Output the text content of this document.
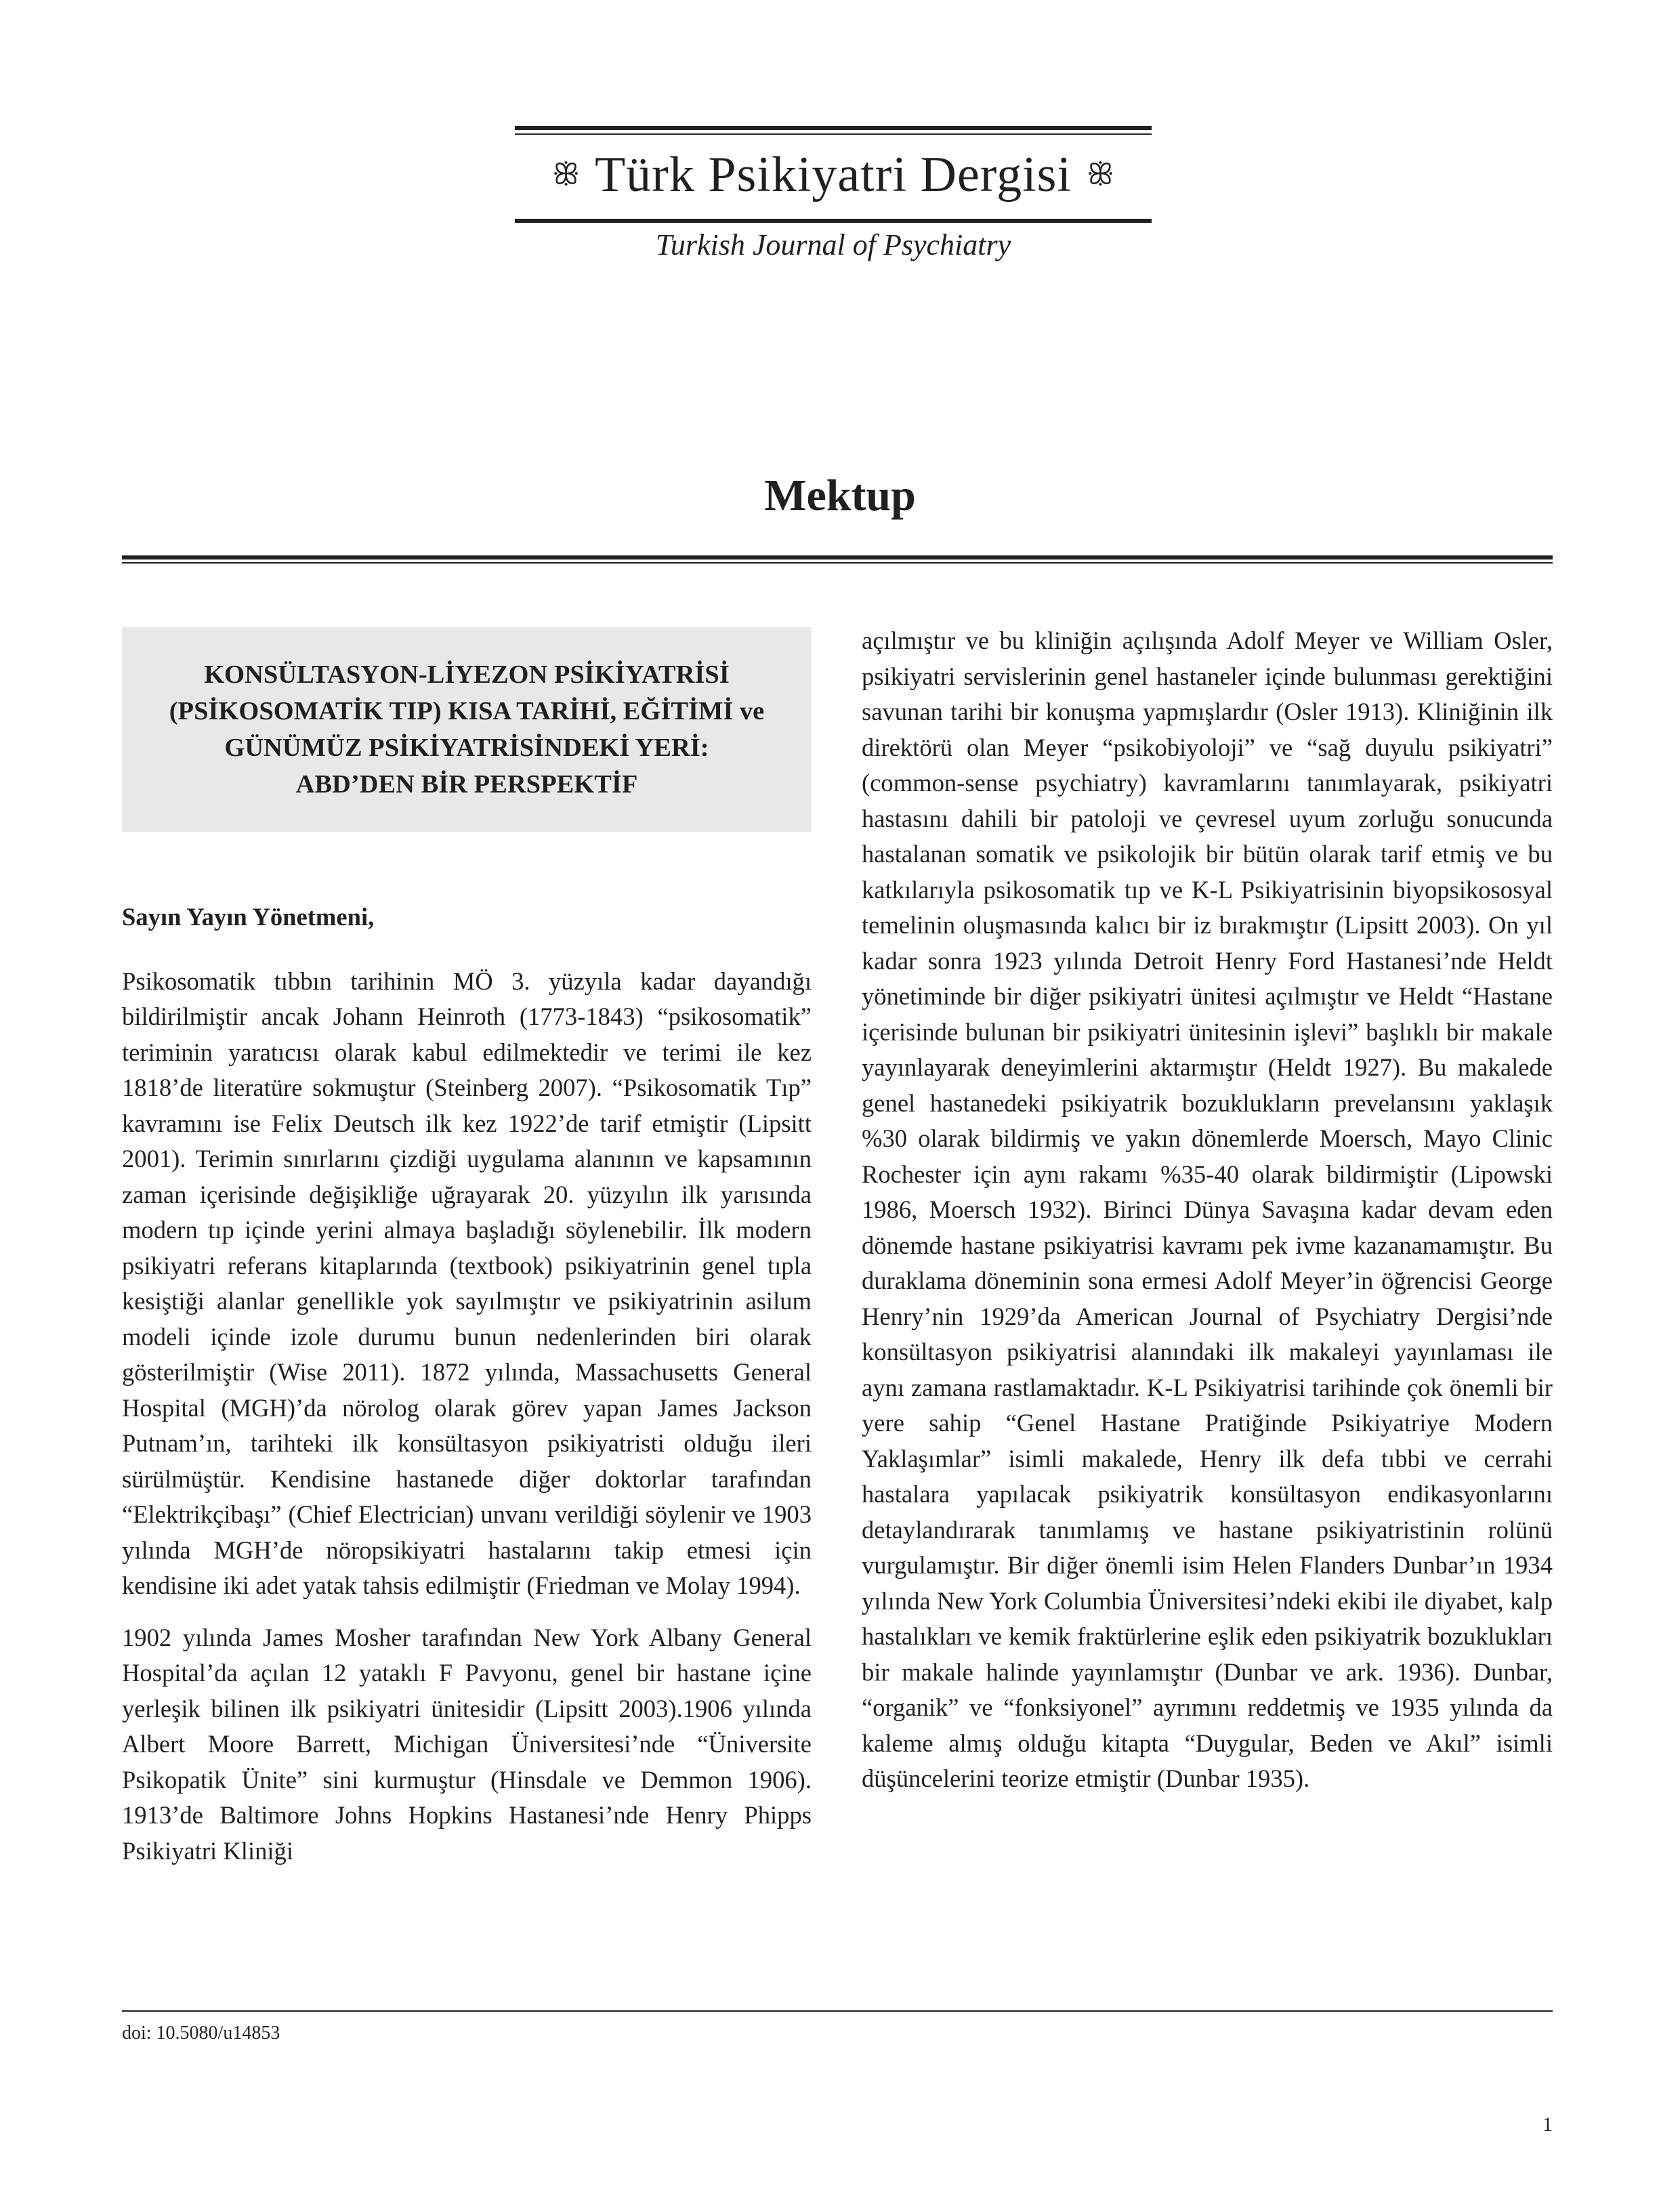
ꕥ Türk Psikiyatri Dergisi ꕥ
Turkish Journal of Psychiatry
Mektup
KONSÜLTASYON-LİYEZON PSİKİYATRİSİ
(PSİKOSOMATİK TIP) KISA TARİHİ, EĞİTİMİ ve
GÜNÜMÜZ PSİKİYATRİSİNDEKİ YERİ:
ABD’DEN BİR PERSPEKTİF

Sayın Yayın Yönetmeni,

Psikosomatik tıbbın tarihinin MÖ 3. yüzyıla kadar dayandığı bildirilmiştir ancak Johann Heinroth (1773-1843) “psikosomatik” teriminin yaratıcısı olarak kabul edilmektedir ve terimi ile kez 1818’de literatüre sokmuştur (Steinberg 2007). “Psikosomatik Tıp” kavramını ise Felix Deutsch ilk kez 1922’de tarif etmiştir (Lipsitt 2001). Terimin sınırlarını çizdiği uygulama alanının ve kapsamının zaman içerisinde değişikliğe uğrayarak 20. yüzyılın ilk yarısında modern tıp içinde yerini almaya başladığı söylenebilir. İlk modern psikiyatri referans kitaplarında (textbook) psikiyatrinin genel tıpla kesiştiği alanlar genellikle yok sayılmıştır ve psikiyatrinin asilum modeli içinde izole durumu bunun nedenlerinden biri olarak gösterilmiştir (Wise 2011). 1872 yılında, Massachusetts General Hospital (MGH)’da nörolog olarak görev yapan James Jackson Putnam’ın, tarihteki ilk konsültasyon psikiyatristi olduğu ileri sürülmüştür. Kendisine hastanede diğer doktorlar tarafından “Elektrikçibaşı” (Chief Electrician) unvanı verildiği söylenir ve 1903 yılında MGH’de nöropsikiyatri hastalarını takip etmesi için kendisine iki adet yatak tahsis edilmiştir (Friedman ve Molay 1994).

1902 yılında James Mosher tarafından New York Albany General Hospital’da açılan 12 yataklı F Pavyonu, genel bir hastane içine yerleşik bilinen ilk psikiyatri ünitesidir (Lipsitt 2003).1906 yılında Albert Moore Barrett, Michigan Üniversitesi’nde “Üniversite Psikopatik Ünite” sini kurmuştur (Hinsdale ve Demmon 1906). 1913’de Baltimore Johns Hopkins Hastanesi’nde Henry Phipps Psikiyatri Kliniği

açılmıştır ve bu kliniğin açılışında Adolf Meyer ve William Osler, psikiyatri servislerinin genel hastaneler içinde bulunması gerektiğini savunan tarihi bir konuşma yapmışlardır (Osler 1913). Kliniğinin ilk direktörü olan Meyer “psikobiyoloji” ve “sağ duyulu psikiyatri” (common-sense psychiatry) kavramlarını tanımlayarak, psikiyatri hastasını dahili bir patoloji ve çevresel uyum zorluğu sonucunda hastalanan somatik ve psikolojik bir bütün olarak tarif etmiş ve bu katkılarıyla psikosomatik tıp ve K-L Psikiyatrisinin biyopsikososyal temelinin oluşmasında kalıcı bir iz bırakmıştır (Lipsitt 2003). On yıl kadar sonra 1923 yılında Detroit Henry Ford Hastanesi’nde Heldt yönetiminde bir diğer psikiyatri ünitesi açılmıştır ve Heldt “Hastane içerisinde bulunan bir psikiyatri ünitesinin işlevi” başlıklı bir makale yayınlayarak deneyimlerini aktarmıştır (Heldt 1927). Bu makalede genel hastanedeki psikiyatrik bozuklukların prevelansını yaklaşık %30 olarak bildirmiş ve yakın dönemlerde Moersch, Mayo Clinic Rochester için aynı rakamı %35-40 olarak bildirmiştir (Lipowski 1986, Moersch 1932). Birinci Dünya Savaşına kadar devam eden dönemde hastane psikiyatrisi kavramı pek ivme kazanamamıştır. Bu duraklama döneminin sona ermesi Adolf Meyer’in öğrencisi George Henry’nin 1929’da American Journal of Psychiatry Dergisi’nde konsültasyon psikiyatrisi alanındaki ilk makaleyi yayınlaması ile aynı zamana rastlamaktadır. K-L Psikiyatrisi tarihinde çok önemli bir yere sahip “Genel Hastane Pratiğinde Psikiyatriye Modern Yaklaşımlar” isimli makalede, Henry ilk defa tıbbi ve cerrahi hastalara yapılacak psikiyatrik konsültasyon endikasyonlarını detaylandırarak tanımlamış ve hastane psikiyatristinin rolünü vurgulamıştır. Bir diğer önemli isim Helen Flanders Dunbar’ın 1934 yılında New York Columbia Üniversitesi’ndeki ekibi ile diyabet, kalp hastalıkları ve kemik fraktürlerine eşlik eden psikiyatrik bozuklukları bir makale halinde yayınlamıştır (Dunbar ve ark. 1936). Dunbar, “organik” ve “fonksiyonel” ayrımını reddetmiş ve 1935 yılında da kaleme almış olduğu kitapta “Duygular, Beden ve Akıl” isimli düşüncelerini teorize etmiştir (Dunbar 1935).

doi: 10.5080/u14853
1
